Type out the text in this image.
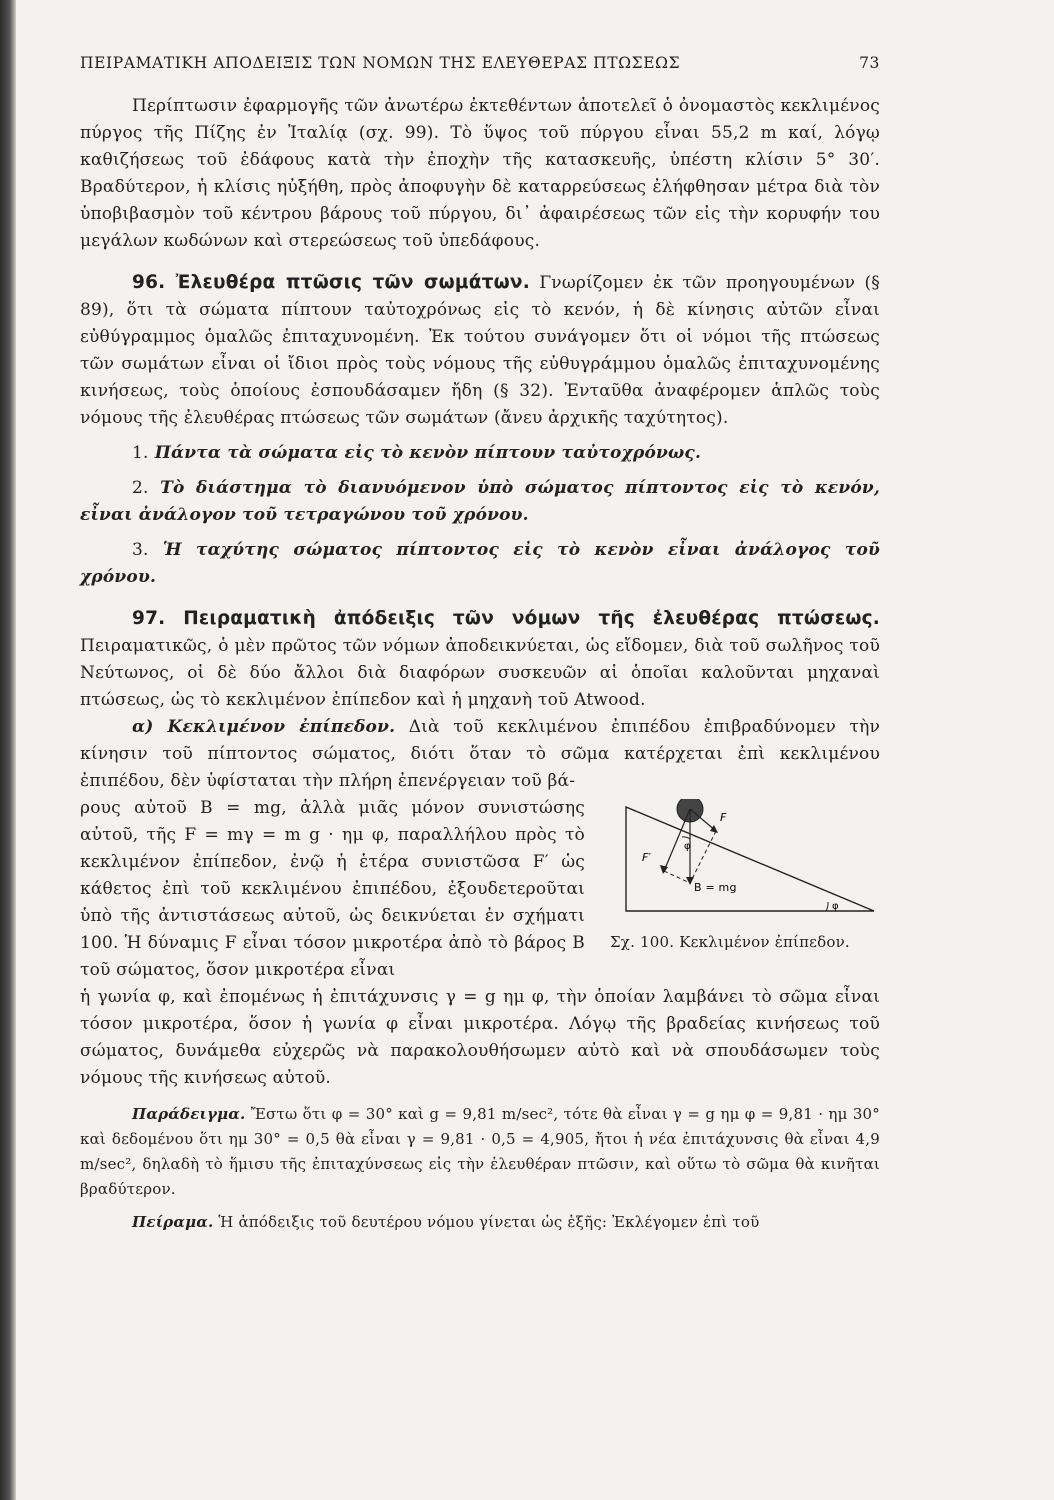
ΠΕΙΡΑΜΑΤΙΚΗ ΑΠΟΔΕΙΞΙΣ ΤΩΝ ΝΟΜΩΝ ΤΗΣ ΕΛΕΥΘΕΡΑΣ ΠΤΩΣΕΩΣ	73

Περίπτωσιν ἐφαρμογῆς τῶν ἀνωτέρω ἐκτεθέντων ἀποτελεῖ ὁ ὀνομαστὸς κεκλιμένος πύργος τῆς Πίζης ἐν Ἰταλίᾳ (σχ. 99). Τὸ ὕψος τοῦ πύργου εἶναι 55,2 m καί, λόγῳ καθιζήσεως τοῦ ἐδάφους κατὰ τὴν ἐποχὴν τῆς κατασκευῆς, ὑπέστη κλίσιν 5° 30′. Βραδύτερον, ἡ κλίσις ηὐξήθη, πρὸς ἀποφυγὴν δὲ καταρρεύσεως ἐλήφθησαν μέτρα διὰ τὸν ὑποβιβασμὸν τοῦ κέντρου βάρους τοῦ πύργου, δι᾽ ἀφαιρέσεως τῶν εἰς τὴν κορυφήν του μεγάλων κωδώνων καὶ στερεώσεως τοῦ ὑπεδάφους.

96. Ἐλευθέρα πτῶσις τῶν σωμάτων. Γνωρίζομεν ἐκ τῶν προηγουμένων (§ 89), ὅτι τὰ σώματα πίπτουν ταὐτοχρόνως εἰς τὸ κενόν, ἡ δὲ κίνησις αὐτῶν εἶναι εὐθύγραμμος ὁμαλῶς ἐπιταχυνομένη. Ἐκ τούτου συνάγομεν ὅτι οἱ νόμοι τῆς πτώσεως τῶν σωμάτων εἶναι οἱ ἴδιοι πρὸς τοὺς νόμους τῆς εὐθυγράμμου ὁμαλῶς ἐπιταχυνομένης κινήσεως, τοὺς ὁποίους ἐσπουδάσαμεν ἤδη (§ 32). Ἐνταῦθα ἀναφέρομεν ἁπλῶς τοὺς νόμους τῆς ἐλευθέρας πτώσεως τῶν σωμάτων (ἄνευ ἀρχικῆς ταχύτητος).

1. Πάντα τὰ σώματα εἰς τὸ κενὸν πίπτουν ταὐτοχρόνως.

2. Τὸ διάστημα τὸ διανυόμενον ὑπὸ σώματος πίπτοντος εἰς τὸ κενόν, εἶναι ἀνάλογον τοῦ τετραγώνου τοῦ χρόνου.

3. Ἡ ταχύτης σώματος πίπτοντος εἰς τὸ κενὸν εἶναι ἀνάλογος τοῦ χρόνου.

97. Πειραματικὴ ἀπόδειξις τῶν νόμων τῆς ἐλευθέρας πτώσεως. Πειραματικῶς, ὁ μὲν πρῶτος τῶν νόμων ἀποδεικνύεται, ὡς εἴδομεν, διὰ τοῦ σωλῆνος τοῦ Νεύτωνος, οἱ δὲ δύο ἄλλοι διὰ διαφόρων συσκευῶν αἱ ὁποῖαι καλοῦνται μηχαναὶ πτώσεως, ὡς τὸ κεκλιμένον ἐπίπεδον καὶ ἡ μηχανὴ τοῦ Atwood.

α) Κεκλιμένον ἐπίπεδον. Διὰ τοῦ κεκλιμένου ἐπιπέδου ἐπιβραδύνομεν τὴν κίνησιν τοῦ πίπτοντος σώματος, διότι ὅταν τὸ σῶμα κατέρχεται ἐπὶ κεκλιμένου ἐπιπέδου, δὲν ὑφίσταται τὴν πλήρη ἐπενέργειαν τοῦ βά-

ρους αὐτοῦ B = mg, ἀλλὰ μιᾶς μόνον συνιστώσης αὐτοῦ, τῆς F = mγ = m g · ημ φ, παραλλήλου πρὸς τὸ κεκλιμένον ἐπίπεδον, ἐνῷ ἡ ἑτέρα συνιστῶσα F′ ὡς κάθετος ἐπὶ τοῦ κεκλιμένου ἐπιπέδου, ἐξουδετεροῦται ὑπὸ τῆς ἀντιστάσεως αὐτοῦ, ὡς δεικνύεται ἐν σχήματι 100. Ἡ δύναμις F εἶναι τόσον μικροτέρα ἀπὸ τὸ βάρος B τοῦ σώματος, ὅσον μικροτέρα εἶναι

F
F′
B = mg
φ
φ
Σχ. 100. Κεκλιμένον ἐπίπεδον.

ἡ γωνία φ, καὶ ἐπομένως ἡ ἐπιτάχυνσις γ = g ημ φ, τὴν ὁποίαν λαμβάνει τὸ σῶμα εἶναι τόσον μικροτέρα, ὅσον ἡ γωνία φ εἶναι μικροτέρα. Λόγῳ τῆς βραδείας κινήσεως τοῦ σώματος, δυνάμεθα εὐχερῶς νὰ παρακολουθήσωμεν αὐτὸ καὶ νὰ σπουδάσωμεν τοὺς νόμους τῆς κινήσεως αὐτοῦ.

Παράδειγμα. Ἔστω ὅτι φ = 30° καὶ g = 9,81 m/sec², τότε θὰ εἶναι γ = g ημ φ = 9,81 · ημ 30° καὶ δεδομένου ὅτι ημ 30° = 0,5 θὰ εἶναι γ = 9,81 · 0,5 = 4,905, ἤτοι ἡ νέα ἐπιτάχυνσις θὰ εἶναι 4,9 m/sec², δηλαδὴ τὸ ἥμισυ τῆς ἐπιταχύνσεως εἰς τὴν ἐλευθέραν πτῶσιν, καὶ οὕτω τὸ σῶμα θὰ κινῆται βραδύτερον.

Πείραμα. Ἡ ἀπόδειξις τοῦ δευτέρου νόμου γίνεται ὡς ἑξῆς: Ἐκλέγομεν ἐπὶ τοῦ
